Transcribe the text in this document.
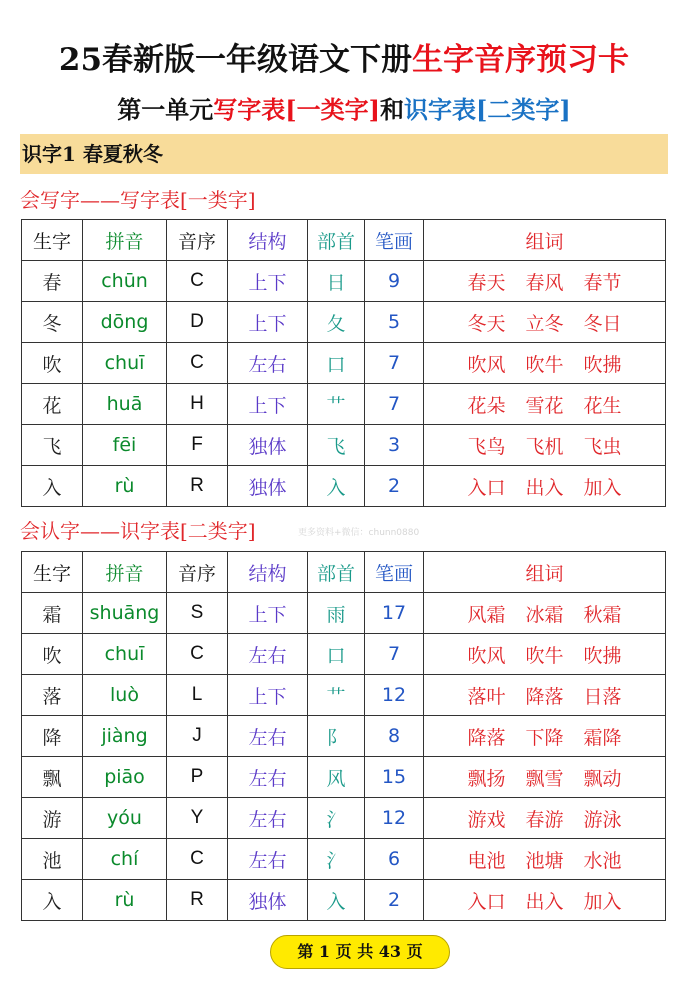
25春新版一年级语文下册生字音序预习卡
第一单元写字表[一类字]和识字表[二类字]
识字1 春夏秋冬
会写字——写字表[一类字]
生字	拼音	音序	结构	部首	笔画	组词
春	chūn	C	上下	日	9	春天 春风 春节
冬	dōng	D	上下	夂	5	冬天 立冬 冬日
吹	chuī	C	左右	口	7	吹风 吹牛 吹拂
花	huā	H	上下	艹	7	花朵 雪花 花生
飞	fēi	F	独体	飞	3	飞鸟 飞机 飞虫
入	rù	R	独体	入	2	入口 出入 加入
会认字——识字表[二类字]	更多资料+微信：chunn0880
生字	拼音	音序	结构	部首	笔画	组词
霜	shuāng	S	上下	雨	17	风霜 冰霜 秋霜
吹	chuī	C	左右	口	7	吹风 吹牛 吹拂
落	luò	L	上下	艹	12	落叶 降落 日落
降	jiàng	J	左右	阝	8	降落 下降 霜降
飘	piāo	P	左右	风	15	飘扬 飘雪 飘动
游	yóu	Y	左右	氵	12	游戏 春游 游泳
池	chí	C	左右	氵	6	电池 池塘 水池
入	rù	R	独体	入	2	入口 出入 加入
第 1 页 共 43 页
